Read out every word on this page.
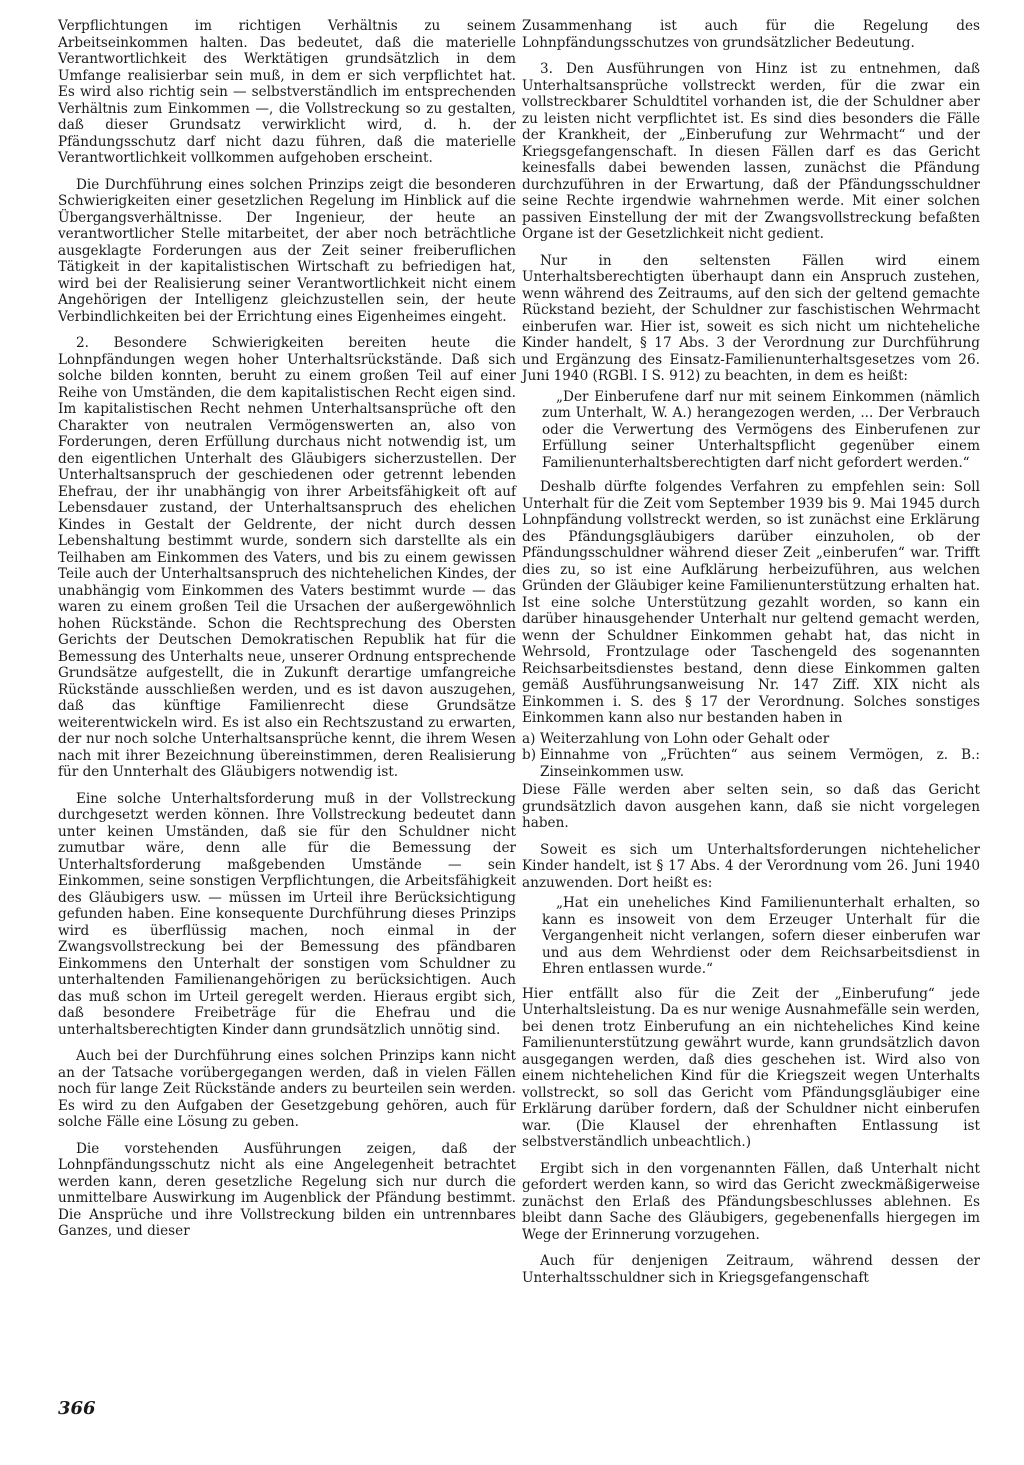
Verpflichtungen im richtigen Verhältnis zu seinem Arbeitseinkommen halten. Das bedeutet, daß die materielle Verantwortlichkeit des Werktätigen grundsätzlich in dem Umfange realisierbar sein muß, in dem er sich verpflichtet hat. Es wird also richtig sein — selbstverständlich im entsprechenden Verhältnis zum Einkommen —, die Vollstreckung so zu gestalten, daß dieser Grundsatz verwirklicht wird, d. h. der Pfändungsschutz darf nicht dazu führen, daß die materielle Verantwortlichkeit vollkommen aufgehoben erscheint.

Die Durchführung eines solchen Prinzips zeigt die besonderen Schwierigkeiten einer gesetzlichen Regelung im Hinblick auf die Übergangsverhältnisse. Der Ingenieur, der heute an verantwortlicher Stelle mitarbeitet, der aber noch beträchtliche ausgeklagte Forderungen aus der Zeit seiner freiberuflichen Tätigkeit in der kapitalistischen Wirtschaft zu befriedigen hat, wird bei der Realisierung seiner Verantwortlichkeit nicht einem Angehörigen der Intelligenz gleichzustellen sein, der heute Verbindlichkeiten bei der Errichtung eines Eigenheimes eingeht.

2. Besondere Schwierigkeiten bereiten heute die Lohnpfändungen wegen hoher Unterhaltsrückstände. Daß sich solche bilden konnten, beruht zu einem großen Teil auf einer Reihe von Umständen, die dem kapitalistischen Recht eigen sind. Im kapitalistischen Recht nehmen Unterhaltsansprüche oft den Charakter von neutralen Vermögenswerten an, also von Forderungen, deren Erfüllung durchaus nicht notwendig ist, um den eigentlichen Unterhalt des Gläubigers sicherzustellen. Der Unterhaltsanspruch der geschiedenen oder getrennt lebenden Ehefrau, der ihr unabhängig von ihrer Arbeitsfähigkeit oft auf Lebensdauer zustand, der Unterhaltsanspruch des ehelichen Kindes in Gestalt der Geldrente, der nicht durch dessen Lebenshaltung bestimmt wurde, sondern sich darstellte als ein Teilhaben am Einkommen des Vaters, und bis zu einem gewissen Teile auch der Unterhaltsanspruch des nichtehelichen Kindes, der unabhängig vom Einkommen des Vaters bestimmt wurde — das waren zu einem großen Teil die Ursachen der außergewöhnlich hohen Rückstände. Schon die Rechtsprechung des Obersten Gerichts der Deutschen Demokratischen Republik hat für die Bemessung des Unterhalts neue, unserer Ordnung entsprechende Grundsätze aufgestellt, die in Zukunft derartige umfangreiche Rückstände ausschließen werden, und es ist davon auszugehen, daß das künftige Familienrecht diese Grundsätze weiterentwickeln wird. Es ist also ein Rechtszustand zu erwarten, der nur noch solche Unterhaltsansprüche kennt, die ihrem Wesen nach mit ihrer Bezeichnung übereinstimmen, deren Realisierung für den Unnterhalt des Gläubigers notwendig ist.

Eine solche Unterhaltsforderung muß in der Vollstreckung durchgesetzt werden können. Ihre Vollstreckung bedeutet dann unter keinen Umständen, daß sie für den Schuldner nicht zumutbar wäre, denn alle für die Bemessung der Unterhaltsforderung maßgebenden Umstände — sein Einkommen, seine sonstigen Verpflichtungen, die Arbeitsfähigkeit des Gläubigers usw. — müssen im Urteil ihre Berücksichtigung gefunden haben. Eine konsequente Durchführung dieses Prinzips wird es überflüssig machen, noch einmal in der Zwangsvollstreckung bei der Bemessung des pfändbaren Einkommens den Unterhalt der sonstigen vom Schuldner zu unterhaltenden Familienangehörigen zu berücksichtigen. Auch das muß schon im Urteil geregelt werden. Hieraus ergibt sich, daß besondere Freibeträge für die Ehefrau und die unterhaltsberechtigten Kinder dann grundsätzlich unnötig sind.

Auch bei der Durchführung eines solchen Prinzips kann nicht an der Tatsache vorübergegangen werden, daß in vielen Fällen noch für lange Zeit Rückstände anders zu beurteilen sein werden. Es wird zu den Aufgaben der Gesetzgebung gehören, auch für solche Fälle eine Lösung zu geben.

Die vorstehenden Ausführungen zeigen, daß der Lohnpfändungsschutz nicht als eine Angelegenheit betrachtet werden kann, deren gesetzliche Regelung sich nur durch die unmittelbare Auswirkung im Augenblick der Pfändung bestimmt. Die Ansprüche und ihre Vollstreckung bilden ein untrennbares Ganzes, und dieser

Zusammenhang ist auch für die Regelung des Lohnpfändungsschutzes von grundsätzlicher Bedeutung.

3. Den Ausführungen von Hinz ist zu entnehmen, daß Unterhaltsansprüche vollstreckt werden, für die zwar ein vollstreckbarer Schuldtitel vorhanden ist, die der Schuldner aber zu leisten nicht verpflichtet ist. Es sind dies besonders die Fälle der Krankheit, der „Einberufung zur Wehrmacht“ und der Kriegsgefangenschaft. In diesen Fällen darf es das Gericht keinesfalls dabei bewenden lassen, zunächst die Pfändung durchzuführen in der Erwartung, daß der Pfändungsschuldner seine Rechte irgendwie wahrnehmen werde. Mit einer solchen passiven Einstellung der mit der Zwangsvollstreckung befaßten Organe ist der Gesetzlichkeit nicht gedient.

Nur in den seltensten Fällen wird einem Unterhaltsberechtigten überhaupt dann ein Anspruch zustehen, wenn während des Zeitraums, auf den sich der geltend gemachte Rückstand bezieht, der Schuldner zur faschistischen Wehrmacht einberufen war. Hier ist, soweit es sich nicht um nichteheliche Kinder handelt, § 17 Abs. 3 der Verordnung zur Durchführung und Ergänzung des Einsatz-Familienunterhaltsgesetzes vom 26. Juni 1940 (RGBl. I S. 912) zu beachten, in dem es heißt:

„Der Einberufene darf nur mit seinem Einkommen (nämlich zum Unterhalt, W. A.) herangezogen werden, ... Der Verbrauch oder die Verwertung des Vermögens des Einberufenen zur Erfüllung seiner Unterhaltspflicht gegenüber einem Familienunterhaltsberechtigten darf nicht gefordert werden.“

Deshalb dürfte folgendes Verfahren zu empfehlen sein: Soll Unterhalt für die Zeit vom September 1939 bis 9. Mai 1945 durch Lohnpfändung vollstreckt werden, so ist zunächst eine Erklärung des Pfändungsgläubigers darüber einzuholen, ob der Pfändungsschuldner während dieser Zeit „einberufen“ war. Trifft dies zu, so ist eine Aufklärung herbeizuführen, aus welchen Gründen der Gläubiger keine Familienunterstützung erhalten hat. Ist eine solche Unterstützung gezahlt worden, so kann ein darüber hinausgehender Unterhalt nur geltend gemacht werden, wenn der Schuldner Einkommen gehabt hat, das nicht in Wehrsold, Frontzulage oder Taschengeld des sogenannten Reichsarbeitsdienstes bestand, denn diese Einkommen galten gemäß Ausführungsanweisung Nr. 147 Ziff. XIX nicht als Einkommen i. S. des § 17 der Verordnung. Solches sonstiges Einkommen kann also nur bestanden haben in

a) Weiterzahlung von Lohn oder Gehalt oder
b) Einnahme von „Früchten“ aus seinem Vermögen, z. B.: Zinseinkommen usw.

Diese Fälle werden aber selten sein, so daß das Gericht grundsätzlich davon ausgehen kann, daß sie nicht vorgelegen haben.

Soweit es sich um Unterhaltsforderungen nichtehelicher Kinder handelt, ist § 17 Abs. 4 der Verordnung vom 26. Juni 1940 anzuwenden. Dort heißt es:

„Hat ein uneheliches Kind Familienunterhalt erhalten, so kann es insoweit von dem Erzeuger Unterhalt für die Vergangenheit nicht verlangen, sofern dieser einberufen war und aus dem Wehrdienst oder dem Reichsarbeitsdienst in Ehren entlassen wurde.“

Hier entfällt also für die Zeit der „Einberufung“ jede Unterhaltsleistung. Da es nur wenige Ausnahmefälle sein werden, bei denen trotz Einberufung an ein nichteheliches Kind keine Familienunterstützung gewährt wurde, kann grundsätzlich davon ausgegangen werden, daß dies geschehen ist. Wird also von einem nichtehelichen Kind für die Kriegszeit wegen Unterhalts vollstreckt, so soll das Gericht vom Pfändungsgläubiger eine Erklärung darüber fordern, daß der Schuldner nicht einberufen war. (Die Klausel der ehrenhaften Entlassung ist selbstverständlich unbeachtlich.)

Ergibt sich in den vorgenannten Fällen, daß Unterhalt nicht gefordert werden kann, so wird das Gericht zweckmäßigerweise zunächst den Erlaß des Pfändungsbeschlusses ablehnen. Es bleibt dann Sache des Gläubigers, gegebenenfalls hiergegen im Wege der Erinnerung vorzugehen.

Auch für denjenigen Zeitraum, während dessen der Unterhaltsschuldner sich in Kriegsgefangenschaft

366
